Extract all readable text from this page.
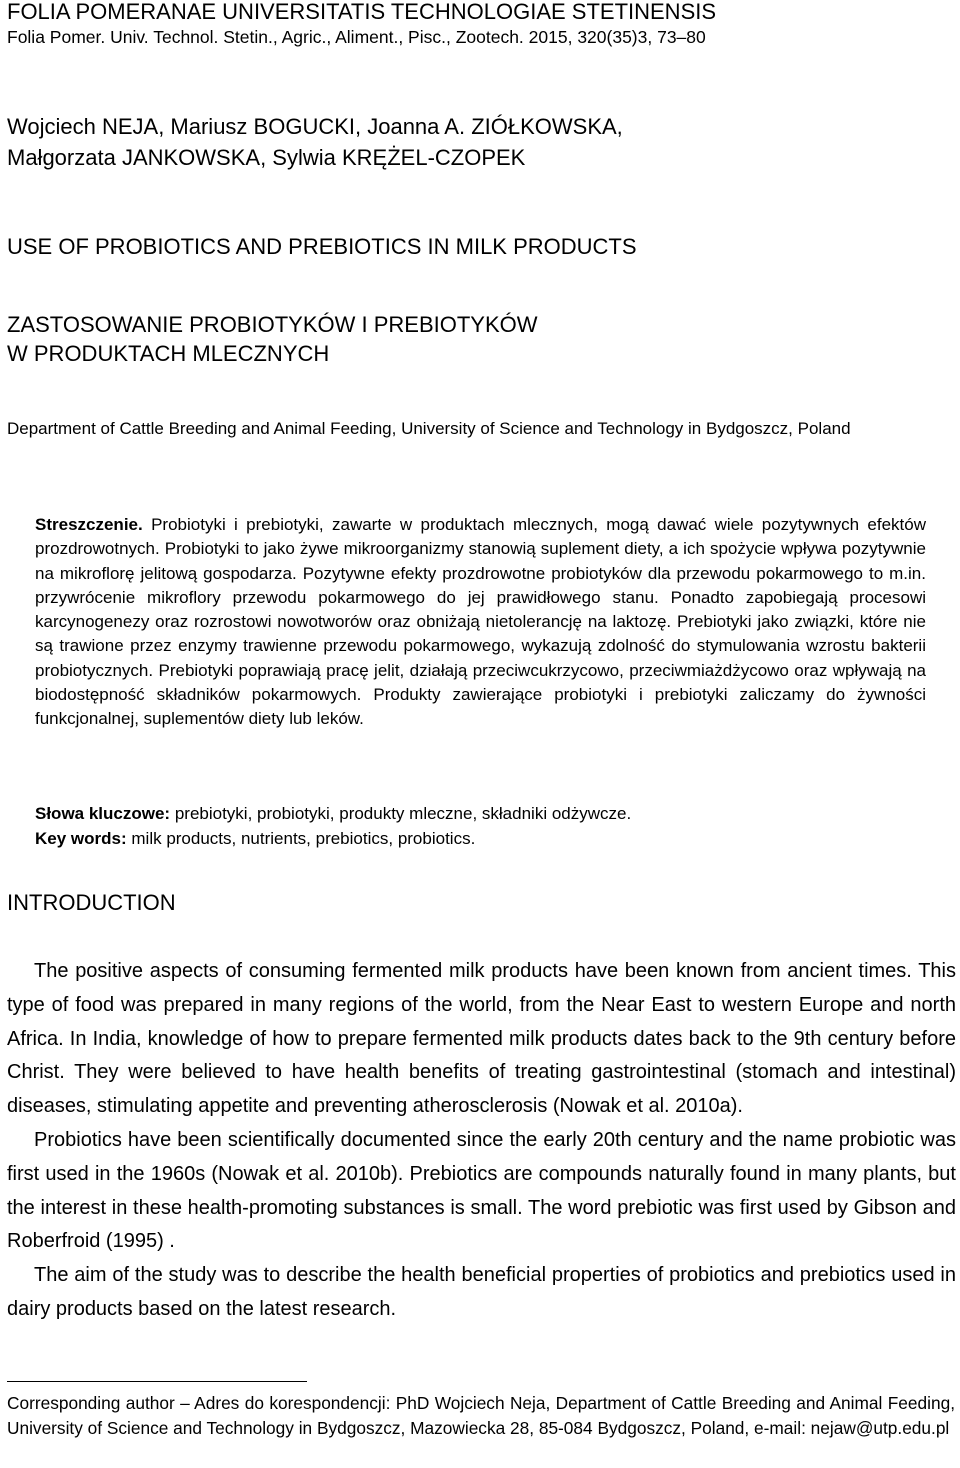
FOLIA POMERANAE UNIVERSITATIS TECHNOLOGIAE STETINENSIS
Folia Pomer. Univ. Technol. Stetin., Agric., Aliment., Pisc., Zootech. 2015, 320(35)3, 73–80
Wojciech NEJA, Mariusz BOGUCKI, Joanna A. ZIÓŁKOWSKA,
Małgorzata JANKOWSKA, Sylwia KRĘŻEL-CZOPEK
USE OF PROBIOTICS AND PREBIOTICS IN MILK PRODUCTS
ZASTOSOWANIE PROBIOTYKÓW I PREBIOTYKÓW
W PRODUKTACH MLECZNYCH

Department of Cattle Breeding and Animal Feeding, University of Science and Technology in Bydgoszcz, Poland

Streszczenie. Probiotyki i prebiotyki, zawarte w produktach mlecznych, mogą dawać wiele pozytywnych efektów prozdrowotnych. Probiotyki to jako żywe mikroorganizmy stanowią suplement diety, a ich spożycie wpływa pozytywnie na mikroflorę jelitową gospodarza. Pozytywne efekty prozdrowotne probiotyków dla przewodu pokarmowego to m.in. przywrócenie mikroflory przewodu pokarmowego do jej prawidłowego stanu. Ponadto zapobiegają procesowi karcynogenezy oraz rozrostowi nowotworów oraz obniżają nietolerancję na laktozę. Prebiotyki jako związki, które nie są trawione przez enzymy trawienne przewodu pokarmowego, wykazują zdolność do stymulowania wzrostu bakterii probiotycznych. Prebiotyki poprawiają pracę jelit, działają przeciwcukrzycowo, przeciwmiażdżycowo oraz wpływają na biodostępność składników pokarmowych. Produkty zawierające probiotyki i prebiotyki zaliczamy do żywności funkcjonalnej, suplementów diety lub leków.

Słowa kluczowe: prebiotyki, probiotyki, produkty mleczne, składniki odżywcze.

Key words: milk products, nutrients, prebiotics, probiotics.

INTRODUCTION

The positive aspects of consuming fermented milk products have been known from ancient times. This type of food was prepared in many regions of the world, from the Near East to western Europe and north Africa. In India, knowledge of how to prepare fermented milk products dates back to the 9th century before Christ. They were believed to have health benefits of treating gastrointestinal (stomach and intestinal) diseases, stimulating appetite and preventing atherosclerosis (Nowak et al. 2010a).

Probiotics have been scientifically documented since the early 20th century and the name probiotic was first used in the 1960s (Nowak et al. 2010b). Prebiotics are compounds naturally found in many plants, but the interest in these health-promoting substances is small. The word prebiotic was first used by Gibson and Roberfroid (1995) .

The aim of the study was to describe the health beneficial properties of probiotics and prebiotics used in dairy products based on the latest research.

Corresponding author – Adres do korespondencji: PhD Wojciech Neja, Department of Cattle Breeding and Animal Feeding, University of Science and Technology in Bydgoszcz, Mazowiecka 28, 85-084 Bydgoszcz, Poland, e-mail: nejaw@utp.edu.pl
